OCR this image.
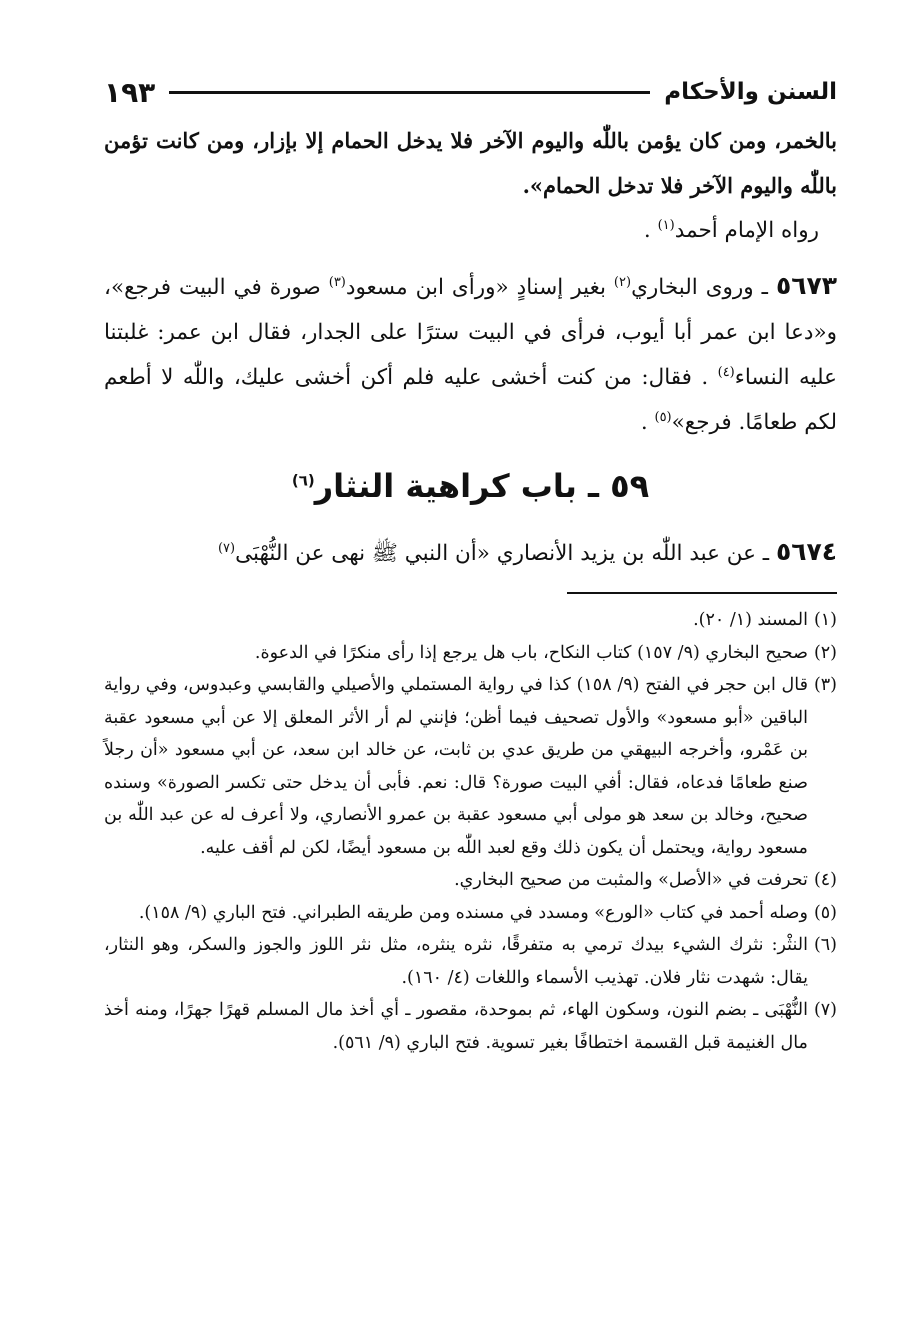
السنن والأحكام
١٩٣

بالخمر، ومن كان يؤمن باللّٰه واليوم الآخر فلا يدخل الحمام إلا بإزار، ومن كانت تؤمن باللّٰه واليوم الآخر فلا تدخل الحمام».

رواه الإمام أحمد$^{(١)}$ .

٥٦٧٣ ـ وروى البخاري$^{(٢)}$ بغير إسنادٍ «ورأى ابن مسعود$^{(٣)}$ صورة في البيت فرجع»، و«دعا ابن عمر أبا أيوب، فرأى في البيت سترًا على الجدار، فقال ابن عمر: غلبتنا عليه النساء$^{(٤)}$ . فقال: من كنت أخشى عليه فلم أكن أخشى عليك، واللّٰه لا أطعم لكم طعامًا. فرجع»$^{(٥)}$ .

٥٩ ـ باب كراهية النثار$^{(٦)}$

٥٦٧٤ ـ عن عبد اللّٰه بن يزيد الأنصاري «أن النبي ﷺ نهى عن النُّهْبَى$^{(٧)}$

(١)
المسند (١/ ٢٠).
(٢)
صحيح البخاري (٩/ ١٥٧) كتاب النكاح، باب هل يرجع إذا رأى منكرًا في الدعوة.
(٣)
قال ابن حجر في الفتح (٩/ ١٥٨) كذا في رواية المستملي والأصيلي والقابسي وعبدوس، وفي رواية الباقين «أبو مسعود» والأول تصحيف فيما أظن؛ فإنني لم أر الأثر المعلق إلا عن أبي مسعود عقبة بن عَمْرو، وأخرجه البيهقي من طريق عدي بن ثابت، عن خالد ابن سعد، عن أبي مسعود «أن رجلاً صنع طعامًا فدعاه، فقال: أفي البيت صورة؟ قال: نعم. فأبى أن يدخل حتى تكسر الصورة» وسنده صحيح، وخالد بن سعد هو مولى أبي مسعود عقبة بن عمرو الأنصاري، ولا أعرف له عن عبد اللّٰه بن مسعود رواية، ويحتمل أن يكون ذلك وقع لعبد اللّٰه بن مسعود أيضًا، لكن لم أقف عليه.
(٤)
تحرفت في «الأصل» والمثبت من صحيح البخاري.
(٥)
وصله أحمد في كتاب «الورع» ومسدد في مسنده ومن طريقه الطبراني. فتح الباري (٩/ ١٥٨).
(٦)
النثْر: نثرك الشيء بيدك ترمي به متفرقًا، نثره ينثره، مثل نثر اللوز والجوز والسكر، وهو النثار، يقال: شهدت نثار فلان. تهذيب الأسماء واللغات (٤/ ١٦٠).
(٧)
النُّهْبَى ـ بضم النون، وسكون الهاء، ثم بموحدة، مقصور ـ أي أخذ مال المسلم قهرًا جهرًا، ومنه أخذ مال الغنيمة قبل القسمة اختطافًا بغير تسوية. فتح الباري (٩/ ٥٦١).
